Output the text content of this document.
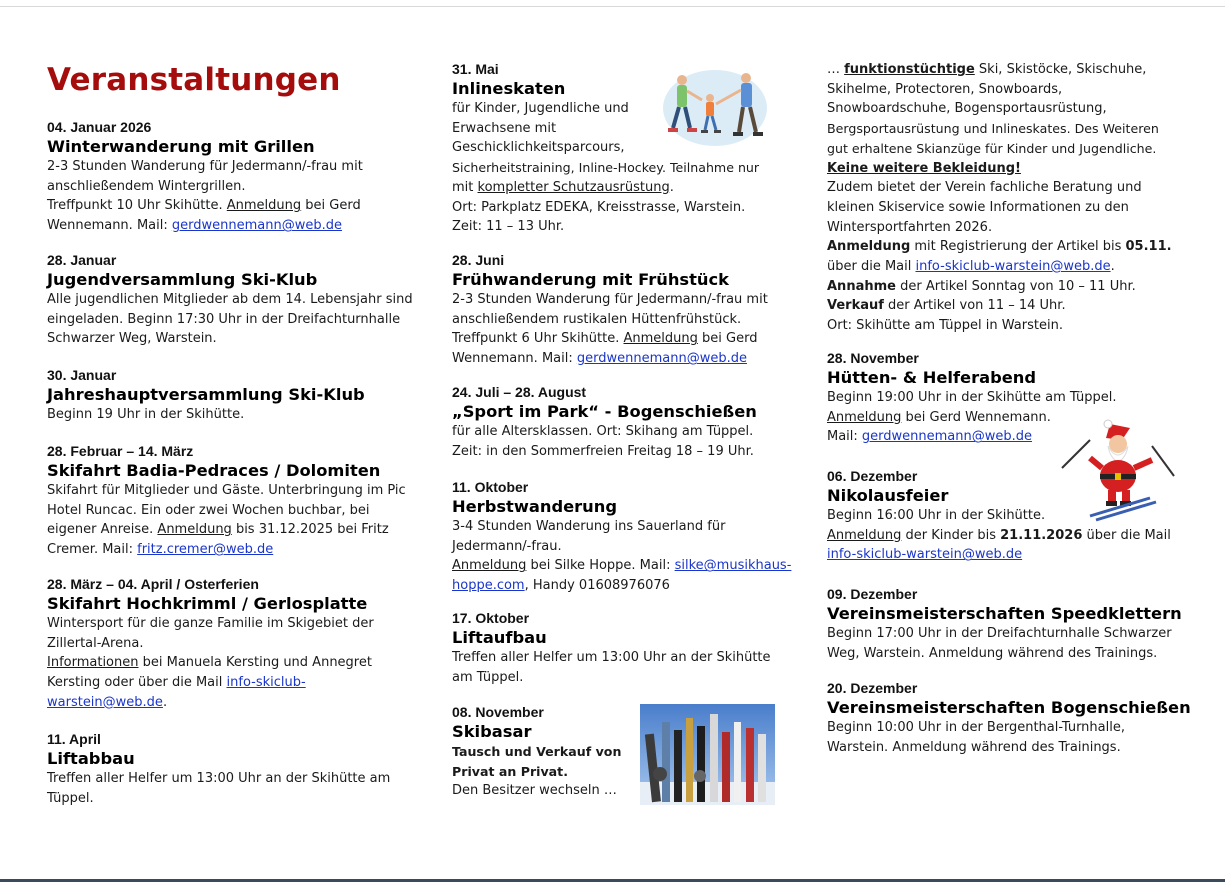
Veranstaltungen
04. Januar 2026
Winterwanderung mit Grillen

2-3 Stunden Wanderung für Jedermann/-frau mit

anschließendem Wintergrillen.

Treffpunkt 10 Uhr Skihütte. Anmeldung bei Gerd

Wennemann. Mail: gerdwennemann@web.de

28. Januar
Jugendversammlung Ski-Klub

Alle jugendlichen Mitglieder ab dem 14. Lebensjahr sind

eingeladen. Beginn 17:30 Uhr in der Dreifachturnhalle

Schwarzer Weg, Warstein.

30. Januar
Jahreshauptversammlung Ski-Klub

Beginn 19 Uhr in der Skihütte.

28. Februar – 14. März
Skifahrt Badia-Pedraces / Dolomiten

Skifahrt für Mitglieder und Gäste. Unterbringung im Pic

Hotel Runcac. Ein oder zwei Wochen buchbar, bei

eigener Anreise. Anmeldung bis 31.12.2025 bei Fritz

Cremer. Mail: fritz.cremer@web.de

28. März – 04. April / Osterferien
Skifahrt Hochkrimml / Gerlosplatte

Wintersport für die ganze Familie im Skigebiet der

Zillertal-Arena.

Informationen bei Manuela Kersting und Annegret

Kersting oder über die Mail info-skiclub-

warstein@web.de.

11. April
Liftabbau

Treffen aller Helfer um 13:00 Uhr an der Skihütte am

Tüppel.

31. Mai
Inlineskaten

für Kinder, Jugendliche und

Erwachsene mit

Geschicklichkeitsparcours,

Sicherheitstraining, Inline-Hockey. Teilnahme nur

mit kompletter Schutzausrüstung.

Ort: Parkplatz EDEKA, Kreisstrasse, Warstein.

Zeit: 11 – 13 Uhr.

28. Juni
Frühwanderung mit Frühstück

2-3 Stunden Wanderung für Jedermann/-frau mit

anschließendem rustikalen Hüttenfrühstück.

Treffpunkt 6 Uhr Skihütte. Anmeldung bei Gerd

Wennemann. Mail: gerdwennemann@web.de

24. Juli – 28. August
„Sport im Park“ - Bogenschießen

für alle Altersklassen. Ort: Skihang am Tüppel.

Zeit: in den Sommerfreien Freitag 18 – 19 Uhr.

11. Oktober
Herbstwanderung

3-4 Stunden Wanderung ins Sauerland für

Jedermann/-frau.

Anmeldung bei Silke Hoppe. Mail: silke@musikhaus-

hoppe.com, Handy 01608976076

17. Oktober
Liftaufbau

Treffen aller Helfer um 13:00 Uhr an der Skihütte

am Tüppel.

08. November
Skibasar

Tausch und Verkauf von

Privat an Privat.

Den Besitzer wechseln …

… funktionstüchtige Ski, Skistöcke, Skischuhe,

Skihelme, Protectoren, Snowboards,

Snowboardschuhe, Bogensportausrüstung,

Bergsportausrüstung und Inlineskates. Des Weiteren

gut erhaltene Skianzüge für Kinder und Jugendliche.

Keine weitere Bekleidung!

Zudem bietet der Verein fachliche Beratung und

kleinen Skiservice sowie Informationen zu den

Wintersportfahrten 2026.

Anmeldung mit Registrierung der Artikel bis 05.11.

über die Mail info-skiclub-warstein@web.de.

Annahme der Artikel Sonntag von 10 – 11 Uhr.

Verkauf der Artikel von 11 – 14 Uhr.

Ort: Skihütte am Tüppel in Warstein.

28. November
Hütten- & Helferabend

Beginn 19:00 Uhr in der Skihütte am Tüppel.

Anmeldung bei Gerd Wennemann.

Mail: gerdwennemann@web.de

06. Dezember
Nikolausfeier

Beginn 16:00 Uhr in der Skihütte.

Anmeldung der Kinder bis 21.11.2026 über die Mail

info-skiclub-warstein@web.de

09. Dezember
Vereinsmeisterschaften Speedklettern

Beginn 17:00 Uhr in der Dreifachturnhalle Schwarzer

Weg, Warstein. Anmeldung während des Trainings.

20. Dezember
Vereinsmeisterschaften Bogenschießen

Beginn 10:00 Uhr in der Bergenthal-Turnhalle,

Warstein. Anmeldung während des Trainings.
